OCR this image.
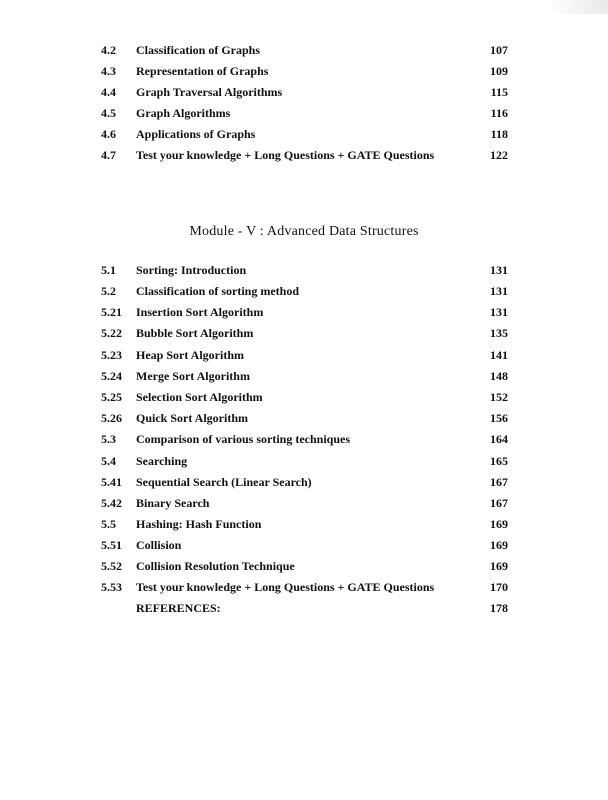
4.2 Classification of Graphs	107
4.3 Representation of Graphs	109
4.4 Graph Traversal Algorithms	115
4.5 Graph Algorithms	116
4.6 Applications of Graphs	118
4.7 Test your knowledge + Long Questions + GATE Questions	122
Module - V : Advanced Data Structures
5.1 Sorting: Introduction	131
5.2 Classification of sorting method	131
5.21 Insertion Sort Algorithm	131
5.22 Bubble Sort Algorithm	135
5.23 Heap Sort Algorithm	141
5.24 Merge Sort Algorithm	148
5.25 Selection Sort Algorithm	152
5.26 Quick Sort Algorithm	156
5.3 Comparison of various sorting techniques	164
5.4 Searching	165
5.41 Sequential Search (Linear Search)	167
5.42 Binary Search	167
5.5 Hashing: Hash Function	169
5.51 Collision	169
5.52 Collision Resolution Technique	169
5.53 Test your knowledge + Long Questions + GATE Questions	170
REFERENCES:	178
